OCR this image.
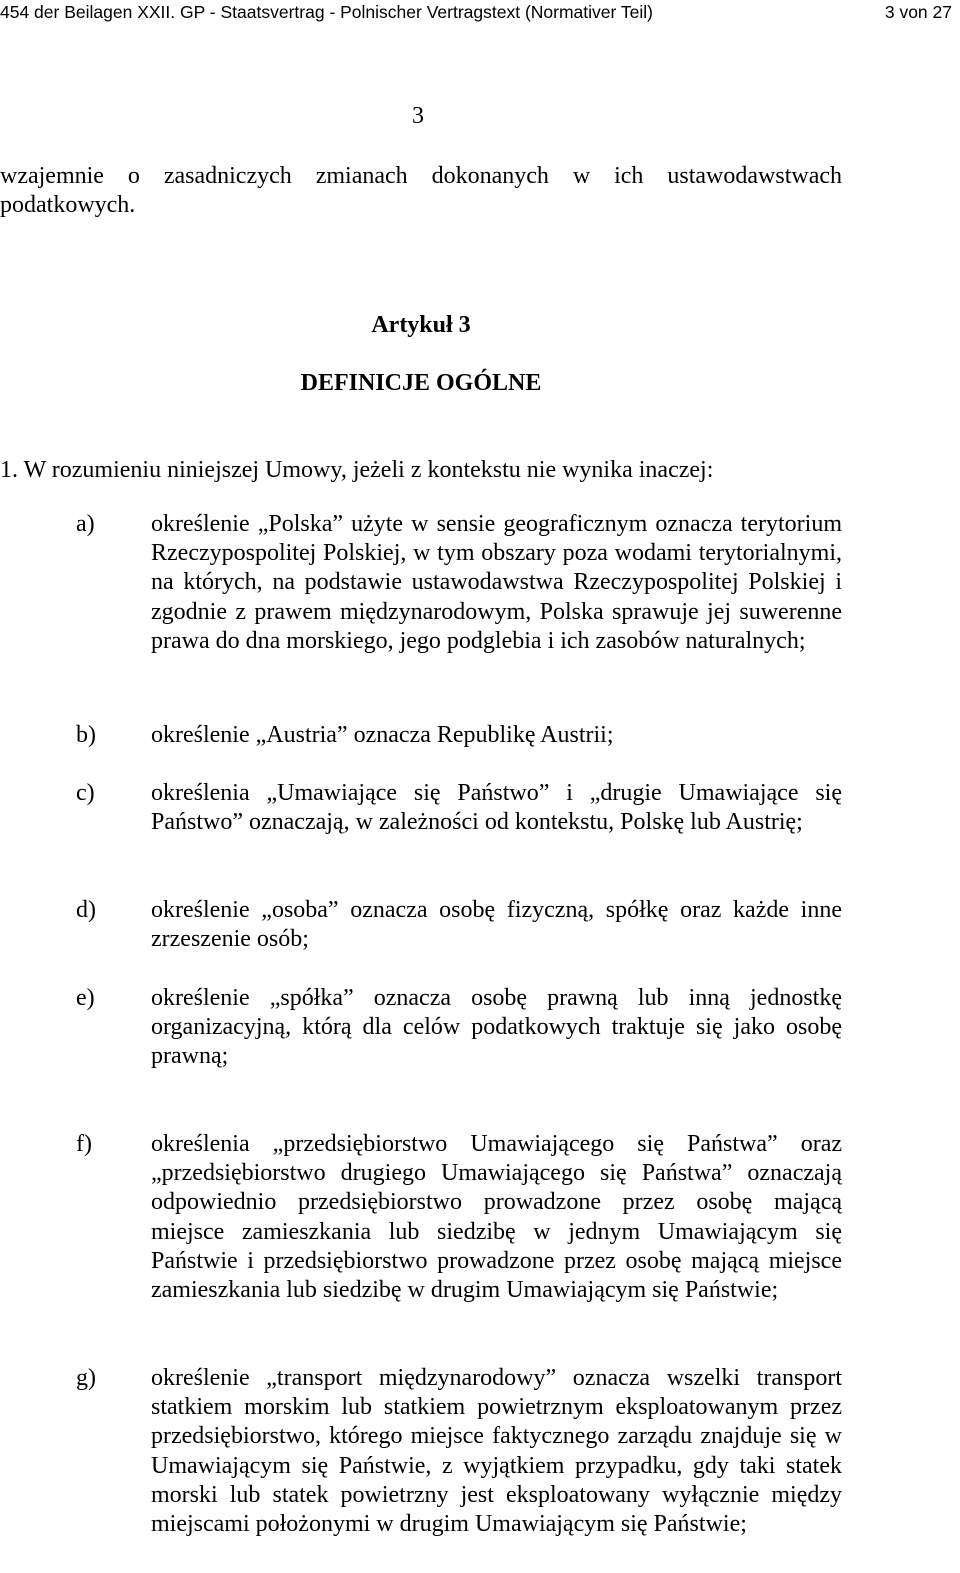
454 der Beilagen XXII. GP - Staatsvertrag - Polnischer Vertragstext (Normativer Teil)	3 von 27
3
wzajemnie o zasadniczych zmianach dokonanych w ich ustawodawstwach podatkowych.
Artykuł 3
DEFINICJE OGÓLNE
1. W rozumieniu niniejszej Umowy, jeżeli z kontekstu nie wynika inaczej:
a) określenie „Polska” użyte w sensie geograficznym oznacza terytorium Rzeczypospolitej Polskiej, w tym obszary poza wodami terytorialnymi, na których, na podstawie ustawodawstwa Rzeczypospolitej Polskiej i zgodnie z prawem międzynarodowym, Polska sprawuje jej suwerenne prawa do dna morskiego, jego podglebia i ich zasobów naturalnych;
b) określenie „Austria” oznacza Republikę Austrii;
c) określenia „Umawiające się Państwo” i „drugie Umawiające się Państwo” oznaczają, w zależności od kontekstu, Polskę lub Austrię;
d) określenie „osoba” oznacza osobę fizyczną, spółkę oraz każde inne zrzeszenie osób;
e) określenie „spółka” oznacza osobę prawną lub inną jednostkę organizacyjną, którą dla celów podatkowych traktuje się jako osobę prawną;
f) określenia „przedsiębiorstwo Umawiającego się Państwa” oraz „przedsiębiorstwo drugiego Umawiającego się Państwa” oznaczają odpowiednio przedsiębiorstwo prowadzone przez osobę mającą miejsce zamieszkania lub siedzibę w jednym Umawiającym się Państwie i przedsiębiorstwo prowadzone przez osobę mającą miejsce zamieszkania lub siedzibę w drugim Umawiającym się Państwie;
g) określenie „transport międzynarodowy” oznacza wszelki transport statkiem morskim lub statkiem powietrznym eksploatowanym przez przedsiębiorstwo, którego miejsce faktycznego zarządu znajduje się w Umawiającym się Państwie, z wyjątkiem przypadku, gdy taki statek morski lub statek powietrzny jest eksploatowany wyłącznie między miejscami położonymi w drugim Umawiającym się Państwie;
